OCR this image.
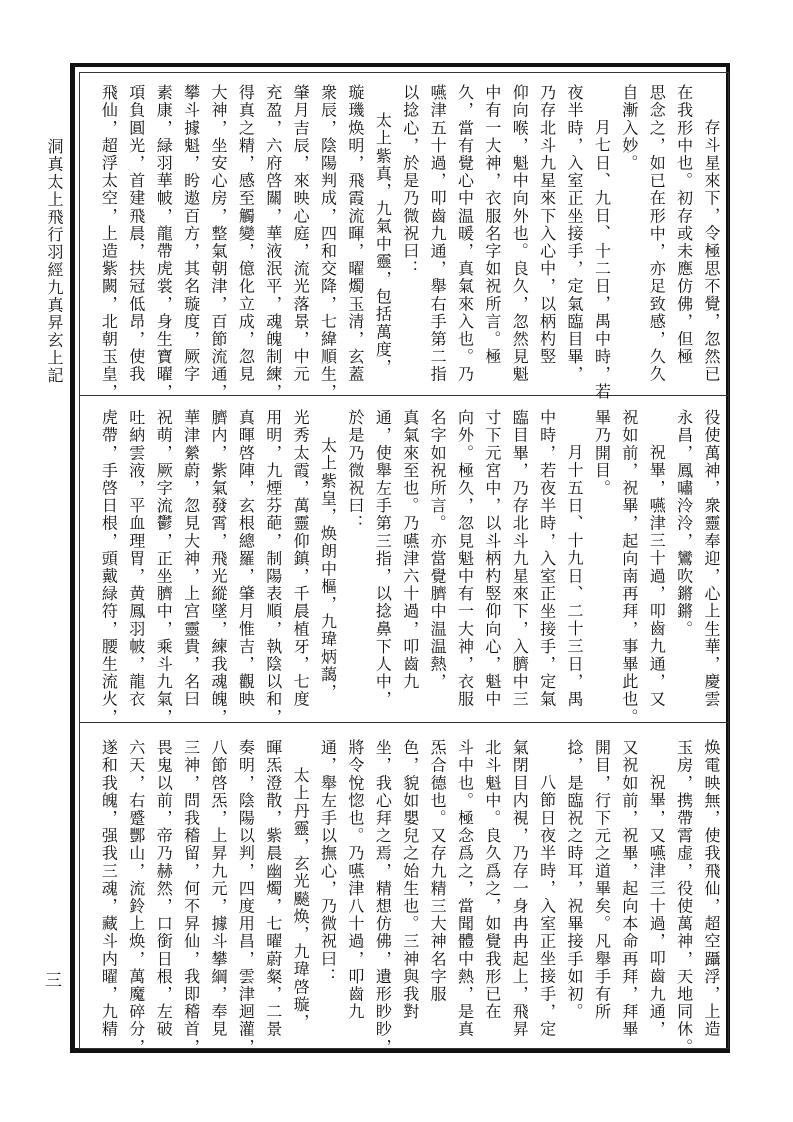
洞真太上飛行羽經九真昇玄上記
三
存斗星來下，令極思不覺，忽然已
在我形中也。初存或未應仿佛，但極
思念之，如已在形中，亦足致感，久久
自漸入妙。
月七日、九日、十二日，禺中時，若
夜半時，入室正坐接手，定氣臨目畢，
乃存北斗九星來下入心中，以柄杓竪
仰向喉，魁中向外也。良久，忽然見魁
中有一大神，衣服名字如祝所言。極
久，當有覺心中温暖，真氣來入也。乃
嚥津五十過，叩齒九通，舉右手第二指
以捻心，於是乃微祝曰：
太上紫真，九氣中靈，包括萬度，
璇璣焕明，飛霞流暉，曜燭玉清，玄蓋
衆辰，陰陽判成，四和交降，七緯順生，
肇月吉辰，來映心庭，流光落景，中元
充盈，六府啓關，華液泯平，魂魄制練，
得真之精，感至觸變，億化立成，忽見
大神，坐安心房，整氣朝津，百節流通，
攀斗據魁，盻遨百方，其名璇度，厥字
素康，緑羽華帔，龍帶虎裳，身生寶曜，
項負圓光，首建飛晨，扶冠低昂，使我
飛仙，超浮太空，上造紫闕，北朝玉皇，
役使萬神，衆靈奉迎，心上生華，慶雲
永昌，鳳嘯泠泠，鸞吹鏘鏘。
祝畢，嚥津三十過，叩齒九通，又
祝如前，祝畢，起向南再拜，事畢此也。
畢乃開目。
月十五日、十九日、二十三日，禺
中時，若夜半時，入室正坐接手，定氣
臨目畢，乃存北斗九星來下，入臍中三
寸下元宮中，以斗柄杓竪仰向心，魁中
向外。極久，忽見魁中有一大神，衣服
名字如祝所言。亦當覺臍中温温熱，
真氣來至也。乃嚥津六十過，叩齒九
通，使舉左手第三指，以捻鼻下人中，
於是乃微祝曰：
太上紫皇，焕朗中樞，九瑋炳藹，
光秀太霞，萬靈仰鎮，千晨植牙，七度
用明，九煙芬葩，制陽表順，執陰以和，
真暉啓陣，玄根總羅，肇月惟吉，觀映
臍内，紫氣發霄，飛光縱墜，練我魂魄，
華津縈蔚，忽見大神，上宫靈貴，名曰
祝萌，厥字流鬱，正坐臍中，乘斗九氣，
吐納雲液，平血理胃，黄鳳羽帔，龍衣
虎帶，手啓日根，頭戴緑符，腰生流火，
焕電映無，使我飛仙，超空躡浮，上造
玉房，携帶霄虚，役使萬神，天地同休。
祝畢，又嚥津三十過，叩齒九通，
又祝如前，祝畢，起向本命再拜，拜畢
開目，行下元之道畢矣。凡舉手有所
捻，是臨祝之時耳，祝畢接手如初。
八節日夜半時，入室正坐接手，定
氣閉目内視，乃存一身冉冉起上，飛昇
北斗魁中。良久爲之，如覺我形已在
斗中也。極念爲之，當聞體中熱，是真
炁合德也。又存九精三大神名字服
色，貌如嬰兒之始生也。三神與我對
坐，我心拜之焉，精想仿佛，遺形眇眇，
將令悅惚也。乃嚥津八十過，叩齒九
通，舉左手以撫心，乃微祝曰：
太上丹靈，玄光飈焕，九瑋啓璇，
暉炁澄散，紫晨幽燭，七曜蔚粲，二景
奏明，陰陽以判，四度用昌，雲津迴灌，
八節啓炁，上昇九元，據斗攀綱，奉見
三神，問我稽留，何不昇仙，我即稽首，
畏鬼以前，帝乃赫然，口銜日根，左破
六天，右蹙酆山，流鈴上焕，萬魔碎分，
遂和我魄，强我三魂，藏斗内曜，九精
